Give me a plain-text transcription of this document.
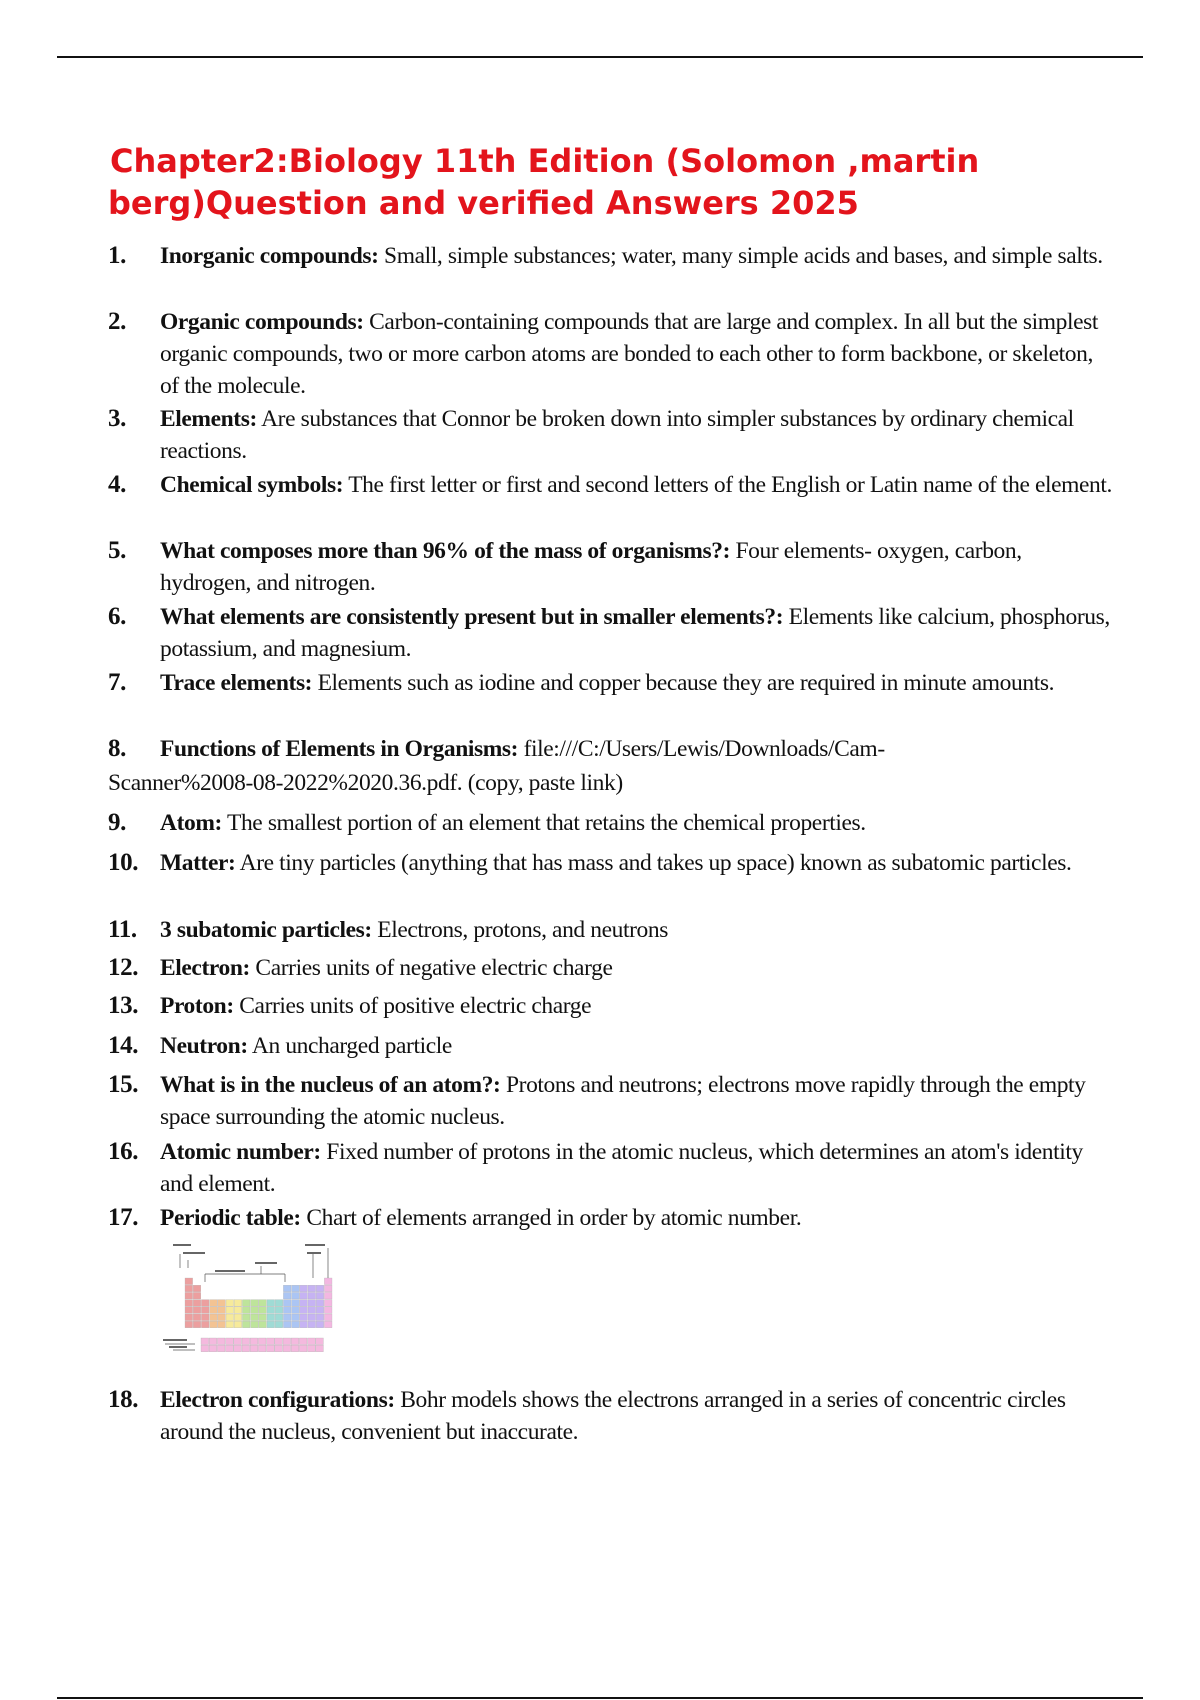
Chapter2:Biology 11th Edition (Solomon ,martin
berg)Question and verified Answers 2025
1. Inorganic compounds: Small, simple substances; water, many simple acids and bases, and simple salts.
2. Organic compounds: Carbon-containing compounds that are large and complex. In all but the simplest organic compounds, two or more carbon atoms are bonded to each other to form backbone, or skeleton, of the molecule.
3. Elements: Are substances that Connor be broken down into simpler substances by ordinary chemical reactions.
4. Chemical symbols: The first letter or first and second letters of the English or Latin name of the element.
5. What composes more than 96% of the mass of organisms?: Four elements- oxygen, carbon, hydrogen, and nitrogen.
6. What elements are consistently present but in smaller elements?: Elements like calcium, phosphorus, potassium, and magnesium.
7. Trace elements: Elements such as iodine and copper because they are required in minute amounts.
8. Functions of Elements in Organisms: file:///C:/Users/Lewis/Downloads/Cam-
Scanner%2008-08-2022%2020.36.pdf. (copy, paste link)
9. Atom: The smallest portion of an element that retains the chemical properties.
10. Matter: Are tiny particles (anything that has mass and takes up space) known as subatomic particles.
11. 3 subatomic particles: Electrons, protons, and neutrons
12. Electron: Carries units of negative electric charge
13. Proton: Carries units of positive electric charge
14. Neutron: An uncharged particle
15. What is in the nucleus of an atom?: Protons and neutrons; electrons move rapidly through the empty space surrounding the atomic nucleus.
16. Atomic number: Fixed number of protons in the atomic nucleus, which determines an atom's identity and element.
17. Periodic table: Chart of elements arranged in order by atomic number.
18. Electron configurations: Bohr models shows the electrons arranged in a series of concentric circles around the nucleus, convenient but inaccurate.
